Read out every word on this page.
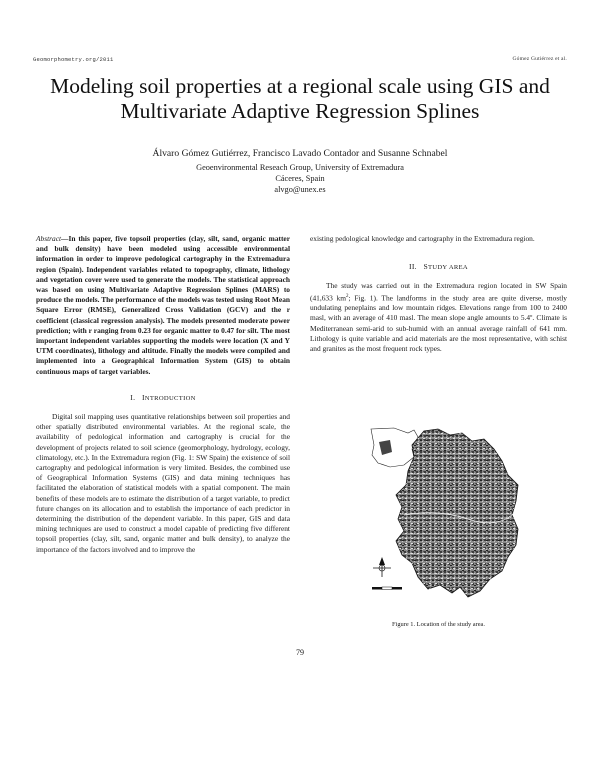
Geomorphometry.org/2011	Gómez Gutiérrez et al.
Modeling soil properties at a regional scale using GIS and Multivariate Adaptive Regression Splines
Álvaro Gómez Gutiérrez, Francisco Lavado Contador and Susanne Schnabel
Geoenvironmental Reseach Group, University of Extremadura
Cáceres, Spain
alvgo@unex.es
Abstract—In this paper, five topsoil properties (clay, silt, sand, organic matter and bulk density) have been modeled using accessible environmental information in order to improve pedological cartography in the Extremadura region (Spain). Independent variables related to topography, climate, lithology and vegetation cover were used to generate the models. The statistical approach was based on using Multivariate Adaptive Regression Splines (MARS) to produce the models. The performance of the models was tested using Root Mean Square Error (RMSE), Generalized Cross Validation (GCV) and the r coefficient (classical regression analysis). The models presented moderate power prediction; with r ranging from 0.23 for organic matter to 0.47 for silt. The most important independent variables supporting the models were location (X and Y UTM coordinates), lithology and altitude. Finally the models were compiled and implemented into a Geographical Information System (GIS) to obtain continuous maps of target variables.
I. INTRODUCTION

Digital soil mapping uses quantitative relationships between soil properties and other spatially distributed environmental variables. At the regional scale, the availability of pedological information and cartography is crucial for the development of projects related to soil science (geomorphology, hydrology, ecology, climatology, etc.). In the Extremadura region (Fig. 1: SW Spain) the existence of soil cartography and pedological information is very limited. Besides, the combined use of Geographical Information Systems (GIS) and data mining techniques has facilitated the elaboration of statistical models with a spatial component. The main benefits of these models are to estimate the distribution of a target variable, to predict future changes on its allocation and to establish the importance of each predictor in determining the distribution of the dependent variable. In this paper, GIS and data mining techniques are used to construct a model capable of predicting five different topsoil properties (clay, silt, sand, organic matter and bulk density), to analyze the importance of the factors involved and to improve the

existing pedological knowledge and cartography in the Extremadura region.
II. STUDY AREA

The study was carried out in the Extremadura region located in SW Spain (41,633 $km^2$; Fig. 1). The landforms in the study area are quite diverse, mostly undulating peneplains and low mountain ridges. Elevations range from 100 to 2400 masl, with an average of 410 masl. The mean slope angle amounts to 5.4º. Climate is Mediterranean semi-arid to sub-humid with an annual average rainfall of 641 mm. Lithology is quite variable and acid materials are the most representative, with schist and granites as the most frequent rock types.

Figure 1. Location of the study area.
79
